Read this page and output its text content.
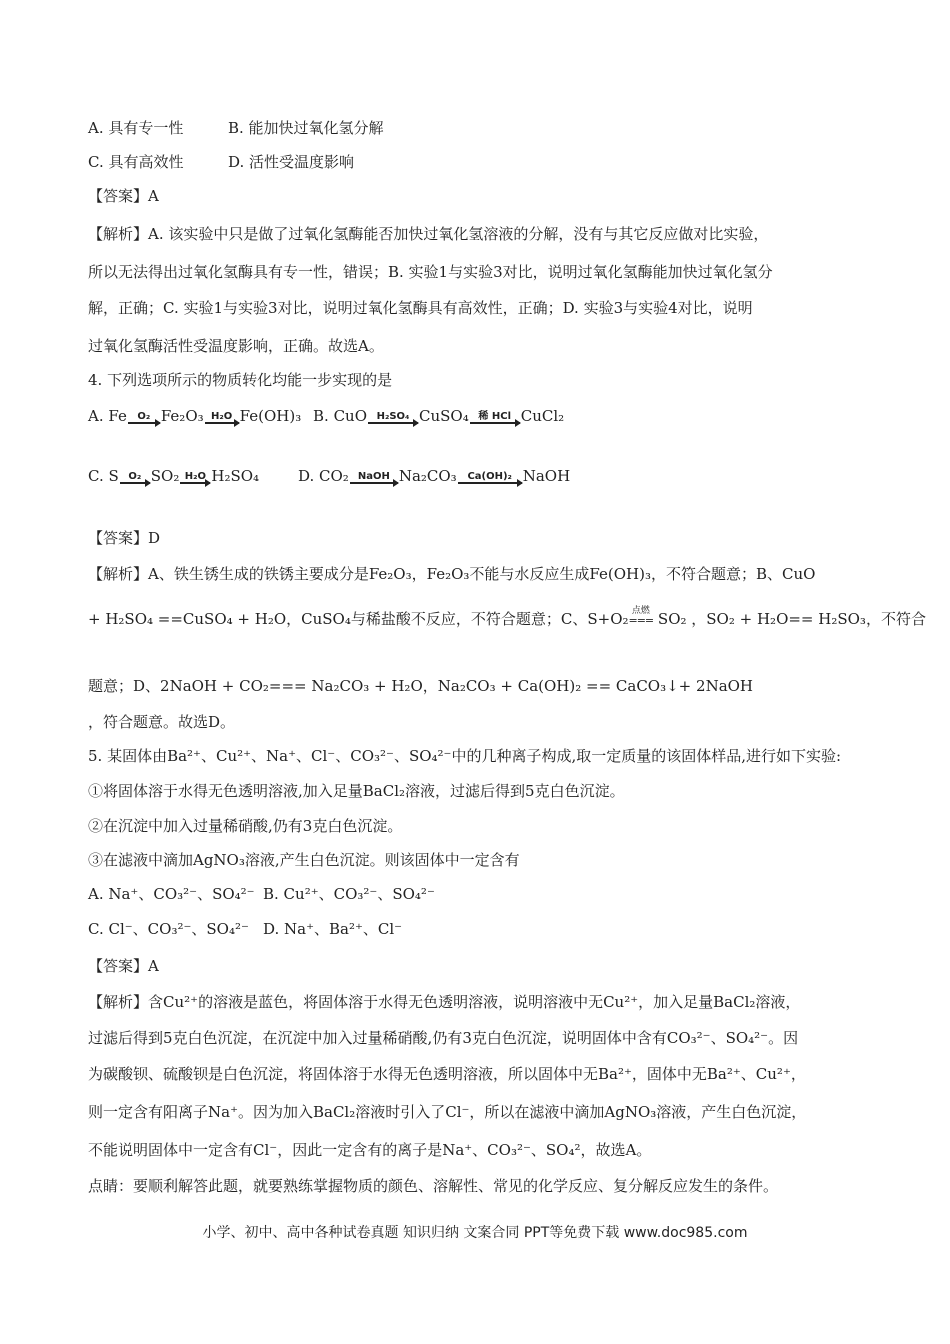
A. 具有专一性	B. 能加快过氧化氢分解
C. 具有高效性	D. 活性受温度影响
【答案】A
【解析】A. 该实验中只是做了过氧化氢酶能否加快过氧化氢溶液的分解，没有与其它反应做对比实验，
所以无法得出过氧化氢酶具有专一性，错误；B. 实验1与实验3对比，说明过氧化氢酶能加快过氧化氢分
解，正确；C. 实验1与实验3对比，说明过氧化氢酶具有高效性，正确；D. 实验3与实验4对比，说明
过氧化氢酶活性受温度影响，正确。故选A。
4. 下列选项所示的物质转化均能一步实现的是
A. Fe O₂ Fe₂O₃ H₂O Fe(OH)₃ B. CuO H₂SO₄ CuSO₄ 稀 HCl CuCl₂
C. S O₂ SO₂ H₂O H₂SO₄	D. CO₂ NaOH Na₂CO₃ Ca(OH)₂ NaOH
【答案】D
【解析】A、铁生锈生成的铁锈主要成分是Fe₂O₃，Fe₂O₃不能与水反应生成Fe(OH)₃，不符合题意；B、CuO
+ H₂SO₄ ==CuSO₄ + H₂O，CuSO₄与稀盐酸不反应，不符合题意；C、S+O₂ 点燃
=== SO₂ ，SO₂ + H₂O== H₂SO₃，不符合
题意；D、2NaOH + CO₂=== Na₂CO₃ + H₂O，Na₂CO₃ + Ca(OH)₂ == CaCO₃↓+ 2NaOH
，符合题意。故选D。
5. 某固体由Ba²⁺、Cu²⁺、Na⁺、Cl⁻、CO₃²⁻、SO₄²⁻中的几种离子构成,取一定质量的该固体样品,进行如下实验:
①将固体溶于水得无色透明溶液,加入足量BaCl₂溶液，过滤后得到5克白色沉淀。
②在沉淀中加入过量稀硝酸,仍有3克白色沉淀。
③在滤液中滴加AgNO₃溶液,产生白色沉淀。则该固体中一定含有
A. Na⁺、CO₃²⁻、SO₄²⁻ B. Cu²⁺、CO₃²⁻、SO₄²⁻
C. Cl⁻、CO₃²⁻、SO₄²⁻ D. Na⁺、Ba²⁺、Cl⁻
【答案】A
【解析】含Cu²⁺的溶液是蓝色，将固体溶于水得无色透明溶液，说明溶液中无Cu²⁺，加入足量BaCl₂溶液，
过滤后得到5克白色沉淀，在沉淀中加入过量稀硝酸,仍有3克白色沉淀，说明固体中含有CO₃²⁻、SO₄²⁻。因
为碳酸钡、硫酸钡是白色沉淀，将固体溶于水得无色透明溶液，所以固体中无Ba²⁺，固体中无Ba²⁺、Cu²⁺，
则一定含有阳离子Na⁺。因为加入BaCl₂溶液时引入了Cl⁻，所以在滤液中滴加AgNO₃溶液，产生白色沉淀，
不能说明固体中一定含有Cl⁻，因此一定含有的离子是Na⁺、CO₃²⁻、SO₄²，故选A。
点睛：要顺利解答此题，就要熟练掌握物质的颜色、溶解性、常见的化学反应、复分解反应发生的条件。
小学、初中、高中各种试卷真题 知识归纳 文案合同 PPT等免费下载 www.doc985.com
